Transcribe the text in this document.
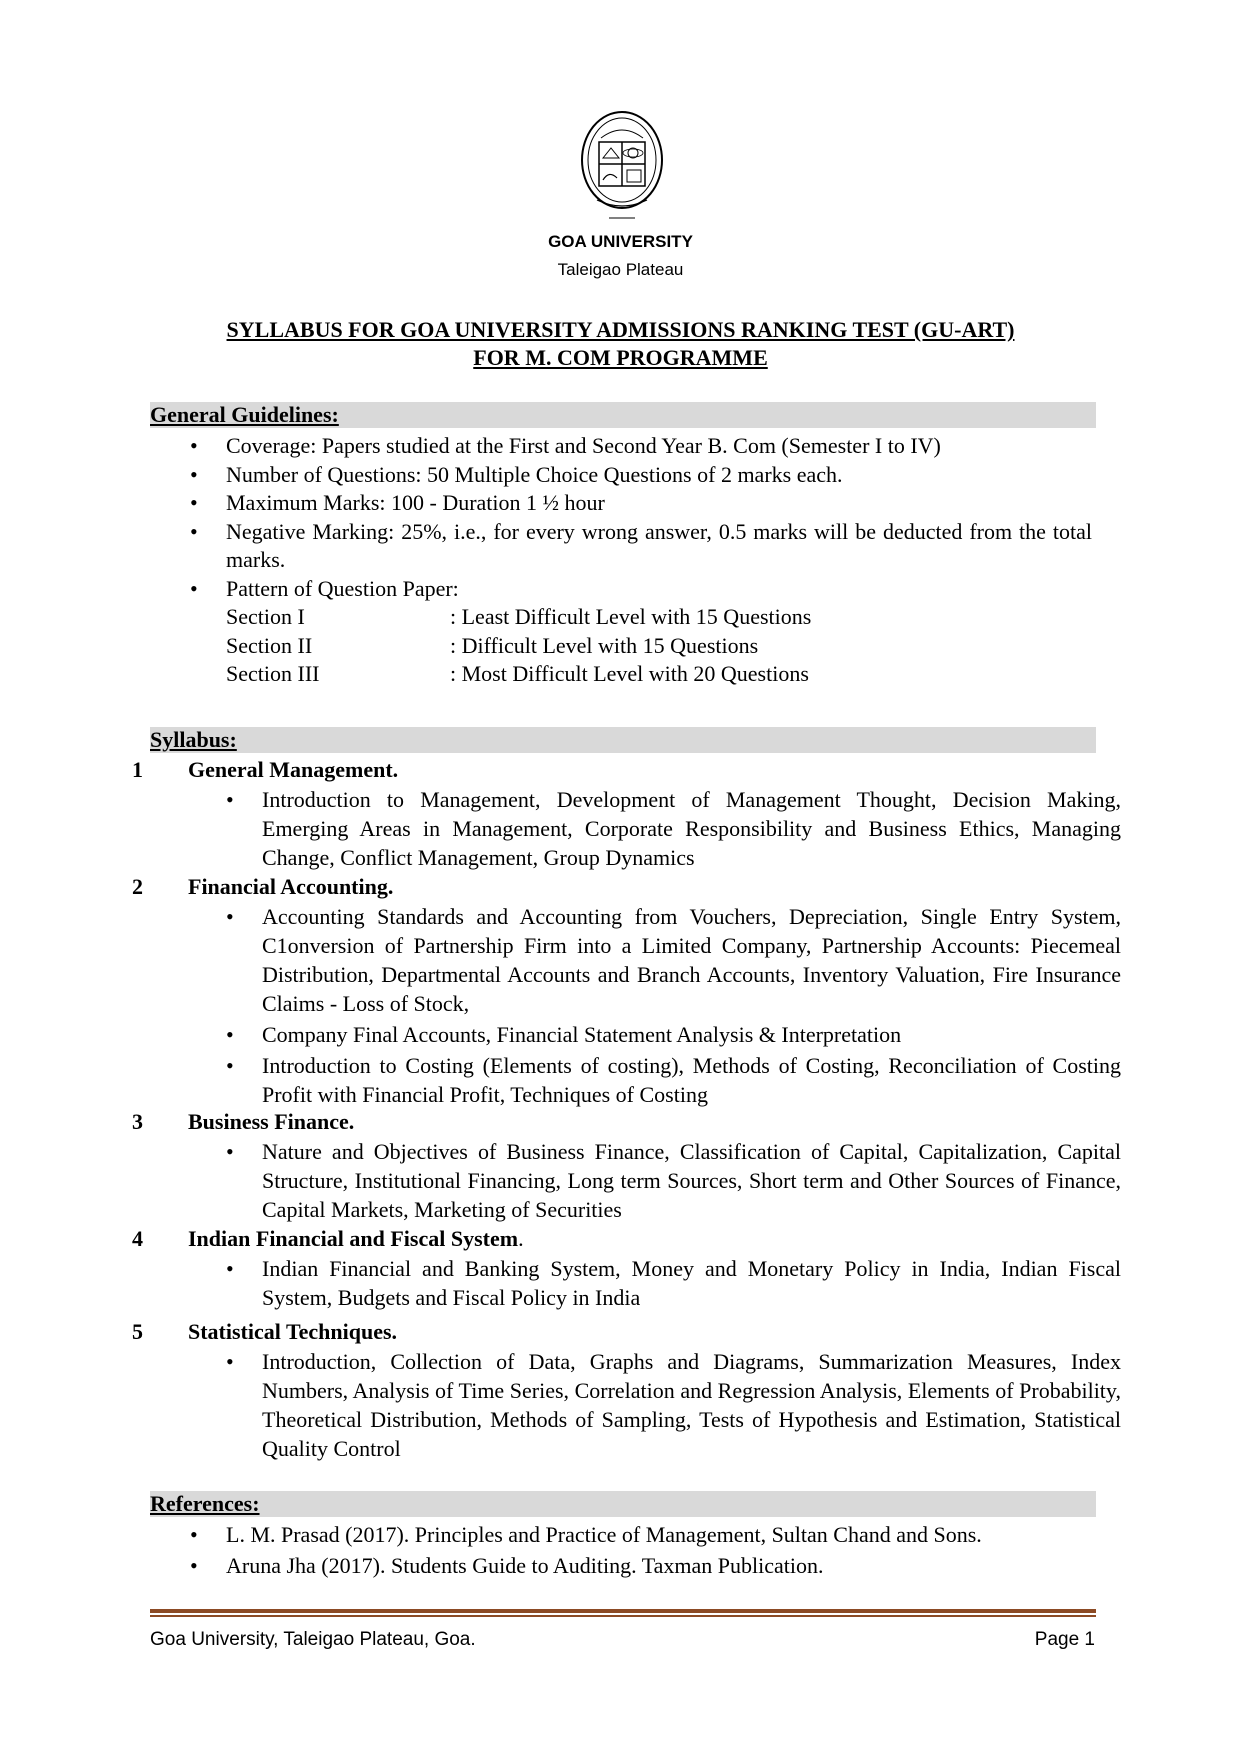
GOA UNIVERSITY
Taleigao Plateau
SYLLABUS FOR GOA UNIVERSITY ADMISSIONS RANKING TEST (GU-ART)
FOR M. COM PROGRAMME
General Guidelines:
• Coverage: Papers studied at the First and Second Year B. Com (Semester I to IV)
• Number of Questions: 50 Multiple Choice Questions of 2 marks each.
• Maximum Marks: 100 - Duration 1 ½ hour
• Negative Marking: 25%, i.e., for every wrong answer, 0.5 marks will be deducted from the total marks.
• Pattern of Question Paper:
Section I	: Least Difficult Level with 15 Questions
Section II	: Difficult Level with 15 Questions
Section III	: Most Difficult Level with 20 Questions
Syllabus:
1 General Management.
• Introduction to Management, Development of Management Thought, Decision Making, Emerging Areas in Management, Corporate Responsibility and Business Ethics, Managing Change, Conflict Management, Group Dynamics
2 Financial Accounting.
• Accounting Standards and Accounting from Vouchers, Depreciation, Single Entry System, C1onversion of Partnership Firm into a Limited Company, Partnership Accounts: Piecemeal Distribution, Departmental Accounts and Branch Accounts, Inventory Valuation, Fire Insurance Claims - Loss of Stock,
• Company Final Accounts, Financial Statement Analysis & Interpretation
• Introduction to Costing (Elements of costing), Methods of Costing, Reconciliation of Costing Profit with Financial Profit, Techniques of Costing
3 Business Finance.
• Nature and Objectives of Business Finance, Classification of Capital, Capitalization, Capital Structure, Institutional Financing, Long term Sources, Short term and Other Sources of Finance, Capital Markets, Marketing of Securities
4 Indian Financial and Fiscal System.
• Indian Financial and Banking System, Money and Monetary Policy in India, Indian Fiscal System, Budgets and Fiscal Policy in India
5 Statistical Techniques.
• Introduction, Collection of Data, Graphs and Diagrams, Summarization Measures, Index Numbers, Analysis of Time Series, Correlation and Regression Analysis, Elements of Probability, Theoretical Distribution, Methods of Sampling, Tests of Hypothesis and Estimation, Statistical Quality Control
References:
• L. M. Prasad (2017). Principles and Practice of Management, Sultan Chand and Sons.
• Aruna Jha (2017). Students Guide to Auditing. Taxman Publication.
Goa University, Taleigao Plateau, Goa.	Page 1
